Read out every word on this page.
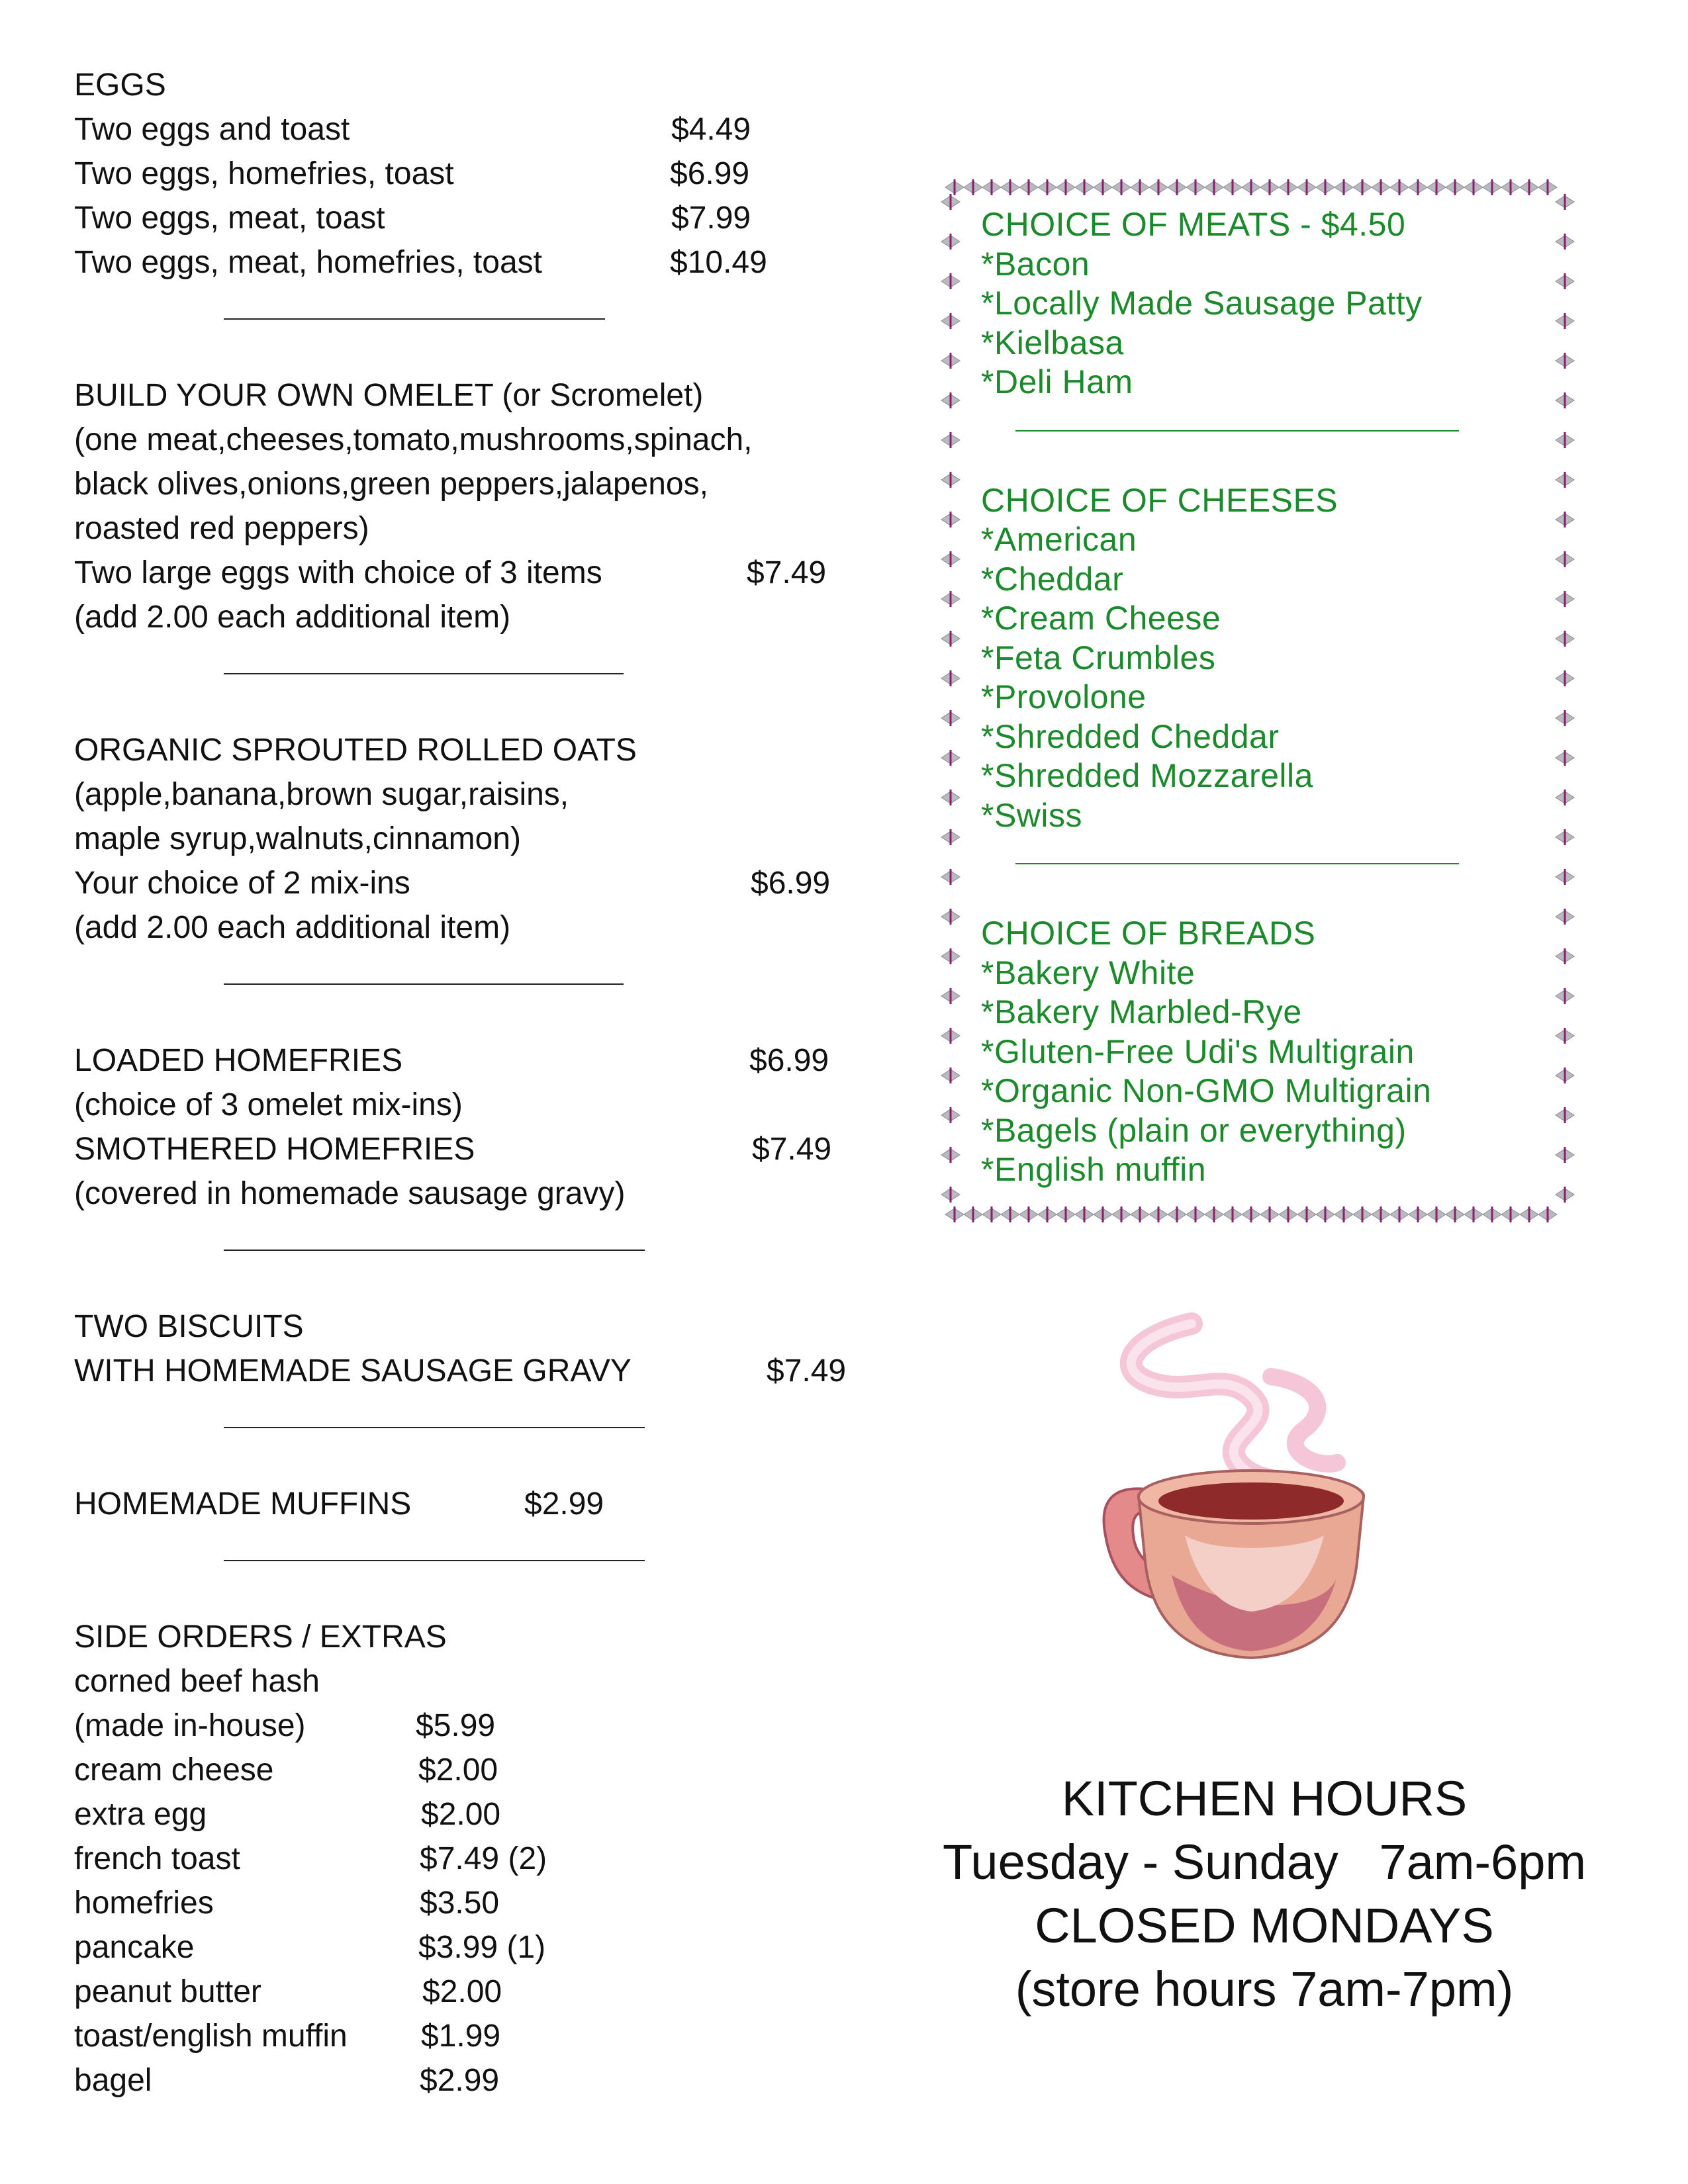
EGGS
Two eggs and toast	$4.49
Two eggs, homefries, toast	$6.99
Two eggs, meat, toast	$7.99
Two eggs, meat, homefries, toast	$10.49
BUILD YOUR OWN OMELET (or Scromelet)
(one meat,cheeses,tomato,mushrooms,spinach,
black olives,onions,green peppers,jalapenos,
roasted red peppers)
Two large eggs with choice of 3 items	$7.49
(add 2.00 each additional item)
ORGANIC SPROUTED ROLLED OATS
(apple,banana,brown sugar,raisins,
maple syrup,walnuts,cinnamon)
Your choice of 2 mix-ins	$6.99
(add 2.00 each additional item)
LOADED HOMEFRIES	$6.99
(choice of 3 omelet mix-ins)
SMOTHERED HOMEFRIES	$7.49
(covered in homemade sausage gravy)
TWO BISCUITS
WITH HOMEMADE SAUSAGE GRAVY	$7.49
HOMEMADE MUFFINS	$2.99
SIDE ORDERS / EXTRAS
corned beef hash
(made in-house)	$5.99
cream cheese	$2.00
extra egg	$2.00
french toast	$7.49 (2)
homefries	$3.50
pancake	$3.99 (1)
peanut butter	$2.00
toast/english muffin $1.99
bagel	$2.99
CHOICE OF MEATS - $4.50
*Bacon
*Locally Made Sausage Patty
*Kielbasa
*Deli Ham
CHOICE OF CHEESES
*American
*Cheddar
*Cream Cheese
*Feta Crumbles
*Provolone
*Shredded Cheddar
*Shredded Mozzarella
*Swiss
CHOICE OF BREADS
*Bakery White
*Bakery Marbled-Rye
*Gluten-Free Udi's Multigrain
*Organic Non-GMO Multigrain
*Bagels (plain or everything)
*English muffin
KITCHEN HOURS
Tuesday - Sunday   7am-6pm
CLOSED MONDAYS
(store hours 7am-7pm)
